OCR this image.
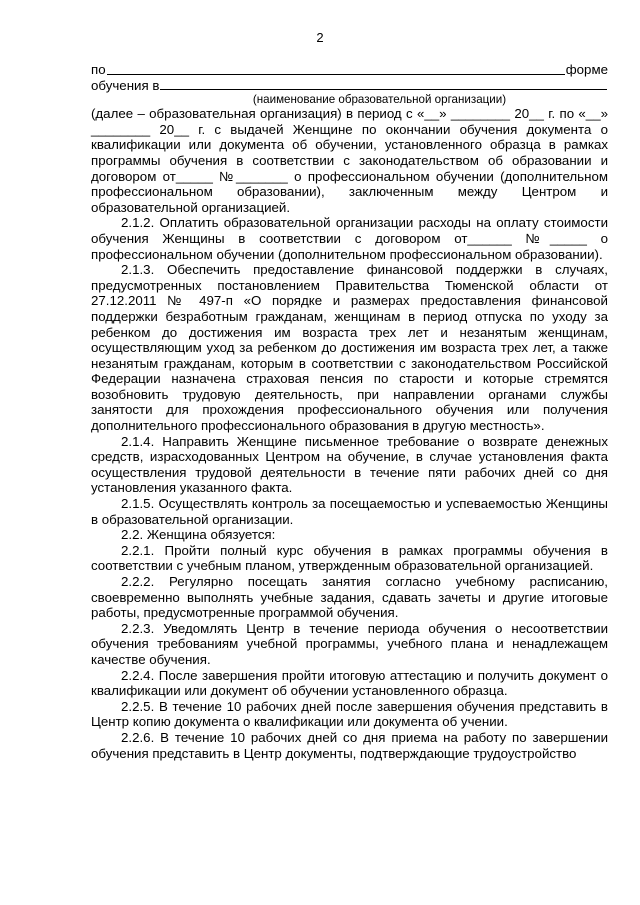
2
по	форме
обучения в
(наименование образовательной организации)

(далее – образовательная организация) в период с «__» ________ 20__ г. по «__» ________ 20__ г. с выдачей Женщине по окончании обучения документа о квалификации или документа об обучении, установленного образца в рамках программы обучения в соответствии с законодательством об образовании и договором от_____ №_______ о профессиональном обучении (дополнительном профессиональном образовании), заключенным между Центром и образовательной организацией.

2.1.2. Оплатить образовательной организации расходы на оплату стоимости обучения Женщины в соответствии с договором от______ №_____ о профессиональном обучении (дополнительном профессиональном образовании).

2.1.3. Обеспечить предоставление финансовой поддержки в случаях, предусмотренных постановлением Правительства Тюменской области от 27.12.2011 № 497-п «О порядке и размерах предоставления финансовой поддержки безработным гражданам, женщинам в период отпуска по уходу за ребенком до достижения им возраста трех лет и незанятым женщинам, осуществляющим уход за ребенком до достижения им возраста трех лет, а также незанятым гражданам, которым в соответствии с законодательством Российской Федерации назначена страховая пенсия по старости и которые стремятся возобновить трудовую деятельность, при направлении органами службы занятости для прохождения профессионального обучения или получения дополнительного профессионального образования в другую местность».

2.1.4. Направить Женщине письменное требование о возврате денежных средств, израсходованных Центром на обучение, в случае установления факта осуществления трудовой деятельности в течение пяти рабочих дней со дня установления указанного факта.

2.1.5. Осуществлять контроль за посещаемостью и успеваемостью Женщины в образовательной организации.

2.2. Женщина обязуется:

2.2.1. Пройти полный курс обучения в рамках программы обучения в соответствии с учебным планом, утвержденным образовательной организацией.

2.2.2. Регулярно посещать занятия согласно учебному расписанию, своевременно выполнять учебные задания, сдавать зачеты и другие итоговые работы, предусмотренные программой обучения.

2.2.3. Уведомлять Центр в течение периода обучения о несоответствии обучения требованиям учебной программы, учебного плана и ненадлежащем качестве обучения.

2.2.4. После завершения пройти итоговую аттестацию и получить документ о квалификации или документ об обучении установленного образца.

2.2.5. В течение 10 рабочих дней после завершения обучения представить в Центр копию документа о квалификации или документа об учении.

2.2.6. В течение 10 рабочих дней со дня приема на работу по завершении обучения представить в Центр документы, подтверждающие трудоустройство
